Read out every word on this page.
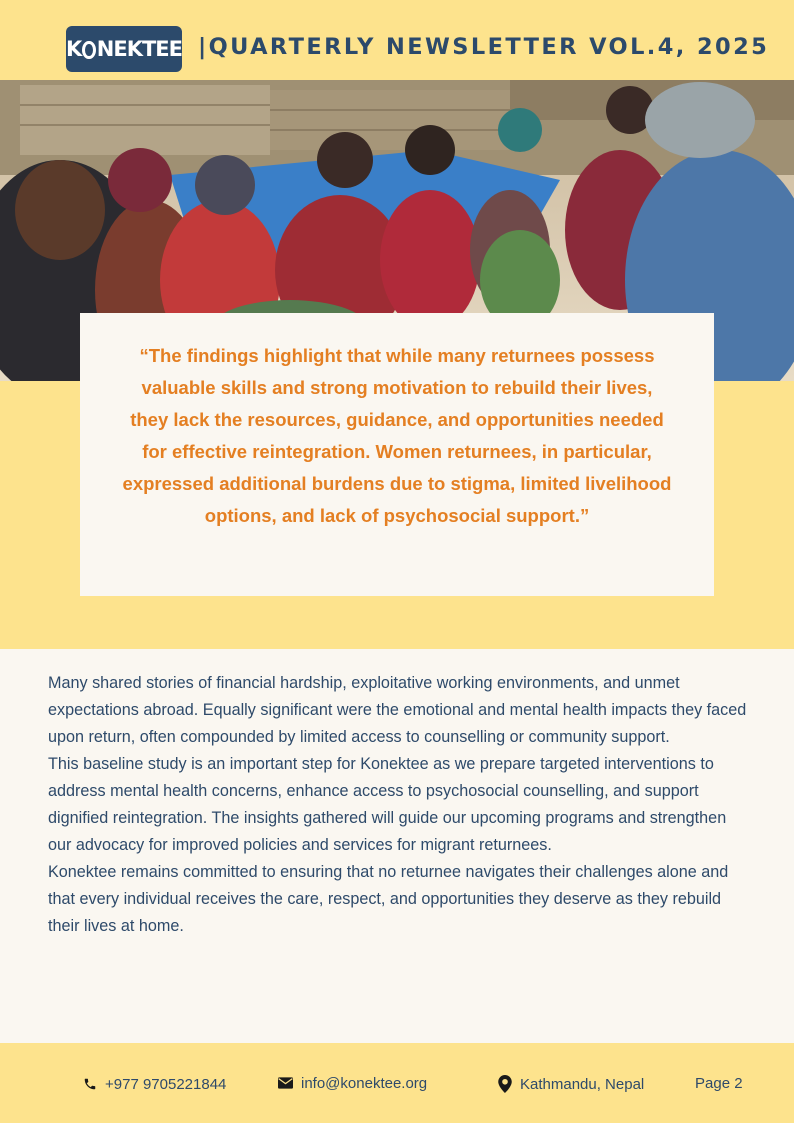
K NEKTEE |QUARTERLY NEWSLETTER VOL.4, 2025
“The findings highlight that while many returnees possess valuable skills and strong motivation to rebuild their lives, they lack the resources, guidance, and opportunities needed for effective reintegration. Women returnees, in particular, expressed additional burdens due to stigma, limited livelihood options, and lack of psychosocial support.”

Many shared stories of financial hardship, exploitative working environments, and unmet expectations abroad. Equally significant were the emotional and mental health impacts they faced upon return, often compounded by limited access to counselling or community support.

This baseline study is an important step for Konektee as we prepare targeted interventions to address mental health concerns, enhance access to psychosocial counselling, and support dignified reintegration. The insights gathered will guide our upcoming programs and strengthen our advocacy for improved policies and services for migrant returnees.

Konektee remains committed to ensuring that no returnee navigates their challenges alone and that every individual receives the care, respect, and opportunities they deserve as they rebuild their lives at home.

+977 9705221844	info@konektee.org	Kathmandu, Nepal	Page 2
